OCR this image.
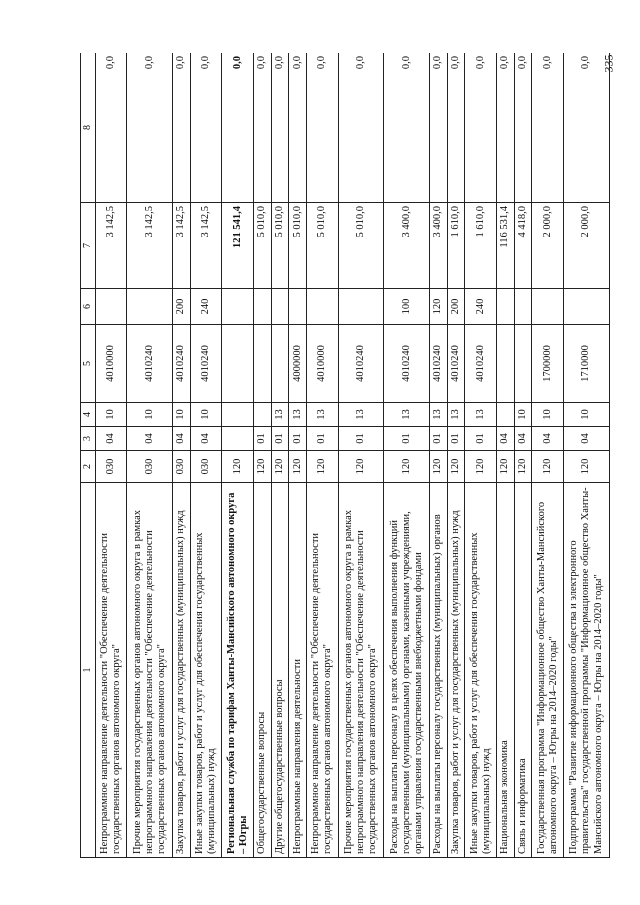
335
1	2	3	4	5	6	7	8
Непрограммное направление деятельности "Обеспечение деятельности государственных органов автономного округа"	030	04	10	4010000		3 142,5	0,0
Прочие мероприятия государственных органов автономного округа в рамках непрограммного направления деятельности "Обеспечение деятельности государственных органов автономного округа"	030	04	10	4010240		3 142,5	0,0
Закупка товаров, работ и услуг для государственных (муниципальных) нужд	030	04	10	4010240	200	3 142,5	0,0
Иные закупки товаров, работ и услуг для обеспечения государственных (муниципальных) нужд	030	04	10	4010240	240	3 142,5	0,0
Региональная служба по тарифам Ханты-Мансийского автономного округа – Югры	120					121 541,4	0,0
Общегосударственные вопросы	120	01				5 010,0	0,0
Другие общегосударственные вопросы	120	01	13			5 010,0	0,0
Непрограммные направления деятельности	120	01	13	4000000		5 010,0	0,0
Непрограммное направление деятельности "Обеспечение деятельности государственных органов автономного округа"	120	01	13	4010000		5 010,0	0,0
Прочие мероприятия государственных органов автономного округа в рамках непрограммного направления деятельности "Обеспечение деятельности государственных органов автономного округа"	120	01	13	4010240		5 010,0	0,0
Расходы на выплаты персоналу в целях обеспечения выполнения функций государственными (муниципальными) органами, казенными учреждениями, органами управления государственными внебюджетными фондами	120	01	13	4010240	100	3 400,0	0,0
Расходы на выплаты персоналу государственных (муниципальных) органов	120	01	13	4010240	120	3 400,0	0,0
Закупка товаров, работ и услуг для государственных (муниципальных) нужд	120	01	13	4010240	200	1 610,0	0,0
Иные закупки товаров, работ и услуг для обеспечения государственных (муниципальных) нужд	120	01	13	4010240	240	1 610,0	0,0
Национальная экономика	120	04				116 531,4	0,0
Связь и информатика	120	04	10			4 418,0	0,0
Государственная программа "Информационное общество Ханты-Мансийского автономного округа – Югры на 2014–2020 годы"	120	04	10	1700000		2 000,0	0,0
Подпрограмма "Развитие информационного общества и электронного правительства" государственной программы "Информационное общество Ханты-Мансийского автономного округа – Югры на 2014–2020 годы"	120	04	10	1710000		2 000,0	0,0
